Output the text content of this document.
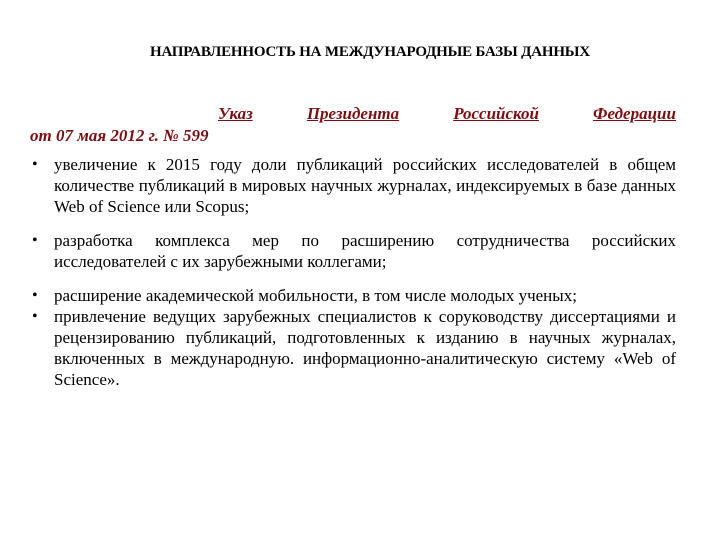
НАПРАВЛЕННОСТЬ НА МЕЖДУНАРОДНЫЕ БАЗЫ ДАННЫХ
Указ	Президента	Российской	Федерации
от 07 мая 2012 г. № 599
• увеличение к 2015 году доли публикаций российских исследователей в общем количестве публикаций в мировых научных журналах, индексируемых в базе данных Web of Science или Scopus;
• разработка комплекса мер по расширению сотрудничества российских исследователей с их зарубежными коллегами;
• расширение академической мобильности, в том числе молодых ученых;
• привлечение ведущих зарубежных специалистов к соруководству диссертациями и рецензированию публикаций, подготовленных к изданию в научных журналах, включенных в международную. информационно-аналитическую систему «Web of Science».
